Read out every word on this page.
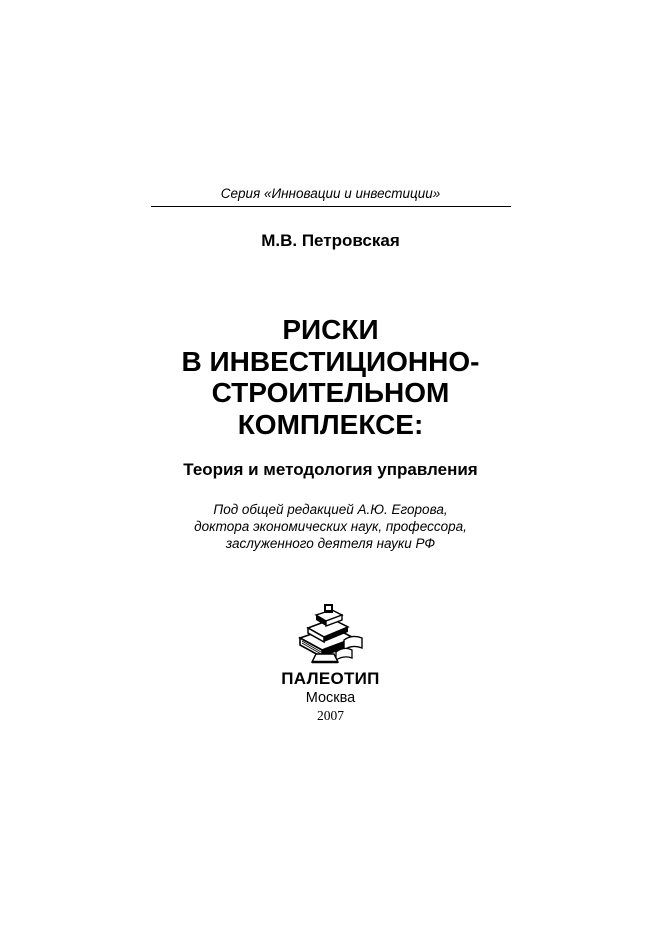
Серия «Инновации и инвестиции»
М.В. Петровская
РИСКИ
В ИНВЕСТИЦИОННО-
СТРОИТЕЛЬНОМ
КОМПЛЕКСЕ:
Теория и методология управления
Под общей редакцией А.Ю. Егорова,
доктора экономических наук, профессора,
заслуженного деятеля науки РФ
ПАЛЕОТИП
Москва
2007
